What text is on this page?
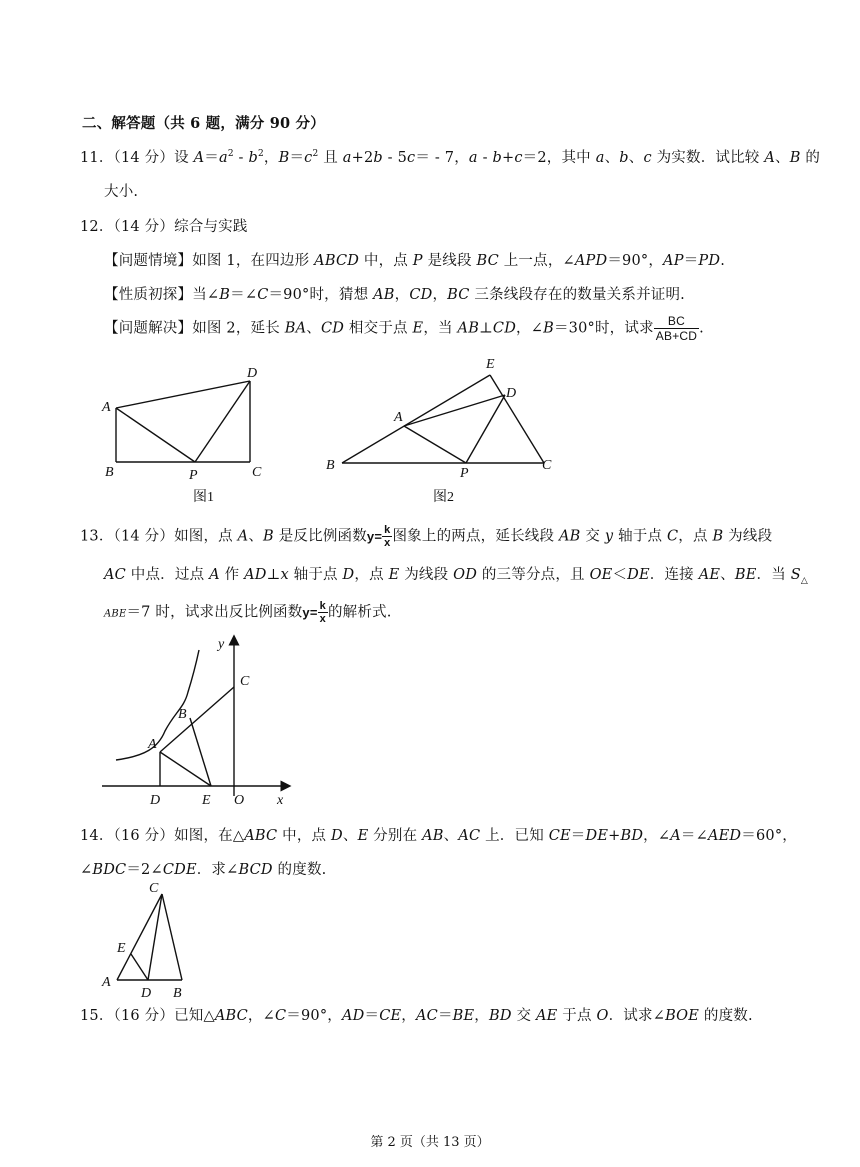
二、解答题（共 6 题，满分 90 分）
11．（14 分）设 $A=a^2 - b^2$，$B=c^2$ 且 a+2b - 5c＝ - 7，a - b+c＝2，其中 a、b、c 为实数．试比较 A、B 的
大小.
12．（14 分）综合与实践
【问题情境】如图 1，在四边形 ABCD 中，点 P 是线段 BC 上一点，∠APD＝90°，AP＝PD.
【性质初探】当∠B＝∠C＝90°时，猜想 AB，CD，BC 三条线段存在的数量关系并证明.
【问题解决】如图 2，延长 BA、CD 相交于点 E，当 AB⊥CD，∠B＝30°时，试求 $\frac{BC}{AB+CD}$ .
A
B	P	C
D
图1
E
D
A
B
P
C
图2
13．（14 分）如图，点 A、B 是反比例函数 $y= \frac{k}{x}$ 图象上的两点，延长线段 AB 交 y 轴于点 C，点 B 为线段
AC 中点．过点 A 作 AD⊥x 轴于点 D，点 E 为线段 OD 的三等分点，且 OE＜DE．连接 AE、BE．当 $S_\triangle$
ABE＝7 时，试求出反比例函数 $y= \frac{k}{x}$ 的解析式.
y
C
B
A
D	E O x
14．（16 分）如图，在△ABC 中，点 D、E 分别在 AB、AC 上．已知 CE＝DE+BD，∠A＝∠AED＝60°，
∠BDC＝2∠CDE．求∠BCD 的度数.
C
E
A
D B
15．（16 分）已知△ABC，∠C＝90°，AD＝CE，AC＝BE，BD 交 AE 于点 O．试求∠BOE 的度数.
第 2 页（共 13 页）
